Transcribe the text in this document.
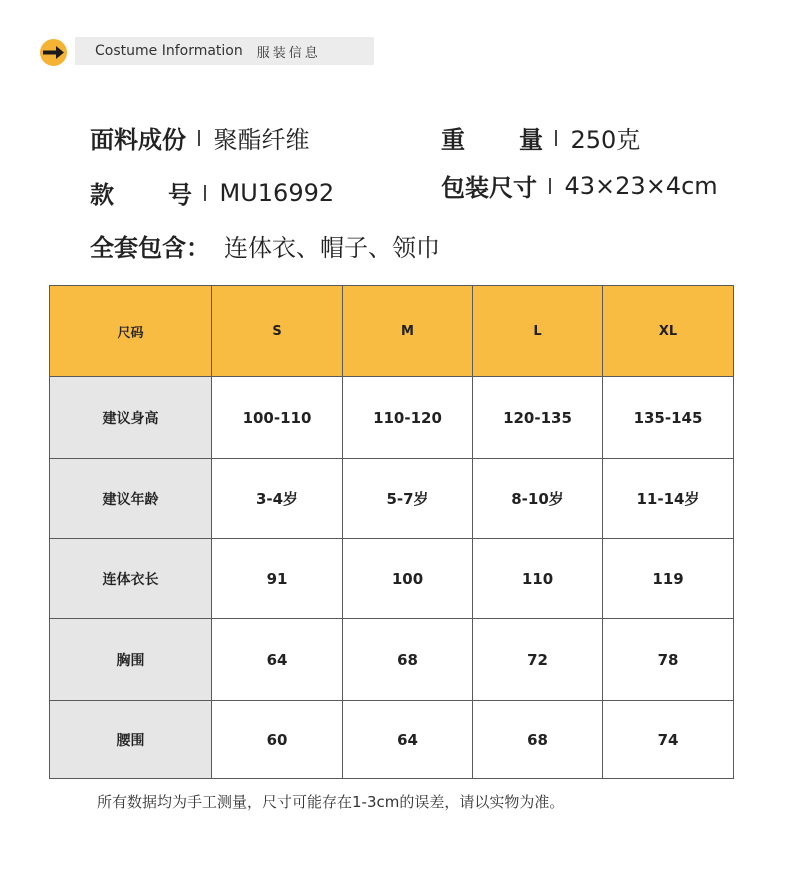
Costume Information 服装信息
面料成份 聚酯纤维	重 量 250克
款 号 MU16992	包装尺寸 43×23×4cm
全套包含： 连体衣、帽子、领巾
尺码	S	M	L	XL
建议身高	100-110	110-120	120-135	135-145
建议年龄	3-4岁	5-7岁	8-10岁	11-14岁
连体衣长	91	100	110	119
胸围	64	68	72	78
腰围	60	64	68	74
所有数据均为手工测量，尺寸可能存在1-3cm的误差，请以实物为准。
